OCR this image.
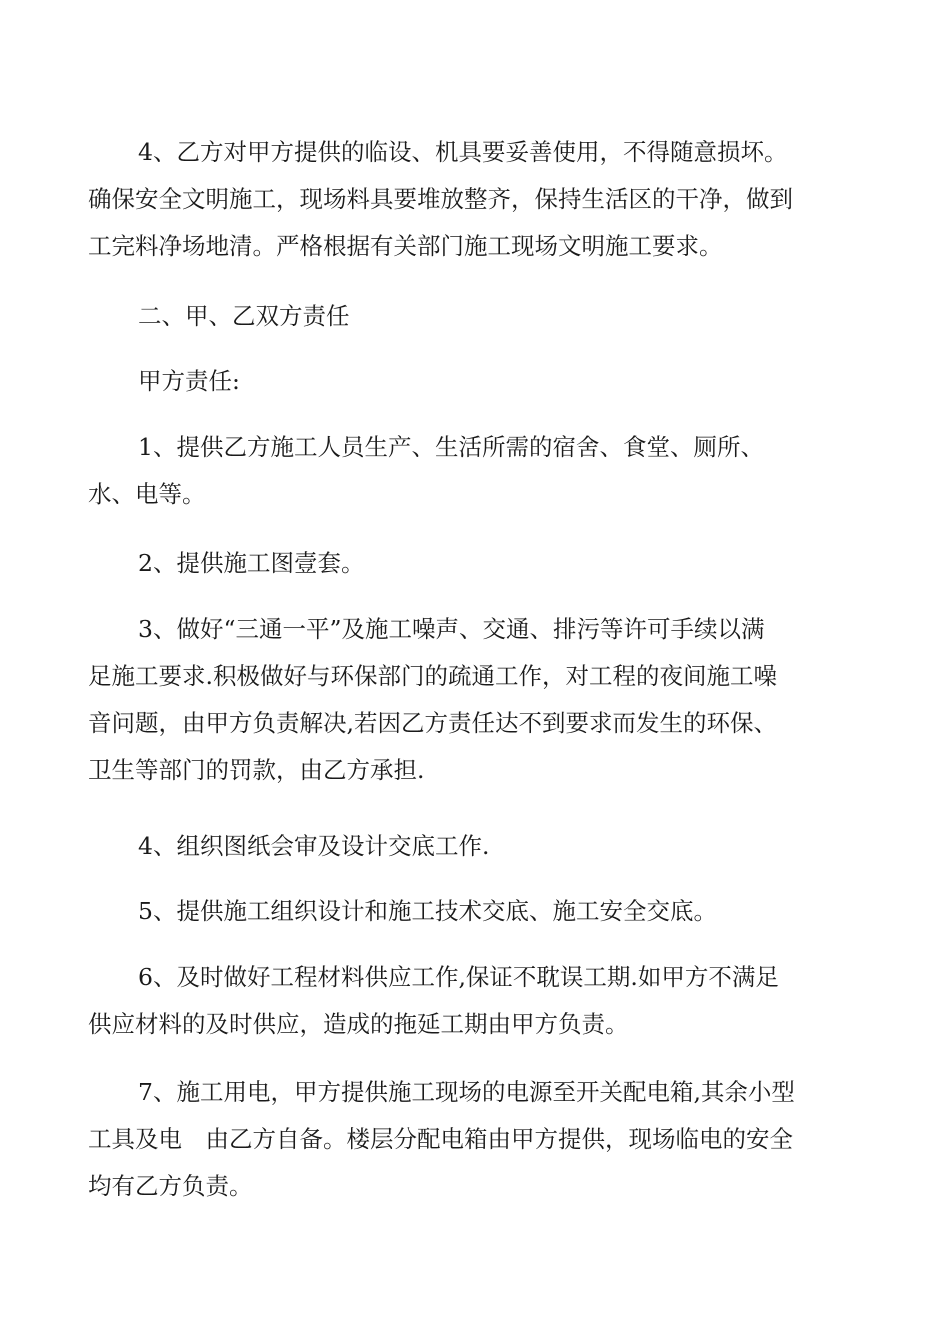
4、乙方对甲方提供的临设、机具要妥善使用，不得随意损坏。
确保安全文明施工，现场料具要堆放整齐，保持生活区的干净，做到
工完料净场地清。严格根据有关部门施工现场文明施工要求。

二、甲、乙双方责任

甲方责任:

1、提供乙方施工人员生产、生活所需的宿舍、食堂、厕所、
水、电等。

2、提供施工图壹套。

3、做好“三通一平”及施工噪声、交通、排污等许可手续以满
足施工要求.积极做好与环保部门的疏通工作，对工程的夜间施工噪
音问题，由甲方负责解决,若因乙方责任达不到要求而发生的环保、
卫生等部门的罚款，由乙方承担.

4、组织图纸会审及设计交底工作.

5、提供施工组织设计和施工技术交底、施工安全交底。

6、及时做好工程材料供应工作,保证不耽误工期.如甲方不满足
供应材料的及时供应，造成的拖延工期由甲方负责。

7、施工用电，甲方提供施工现场的电源至开关配电箱,其余小型
工具及电　由乙方自备。楼层分配电箱由甲方提供，现场临电的安全
均有乙方负责。
